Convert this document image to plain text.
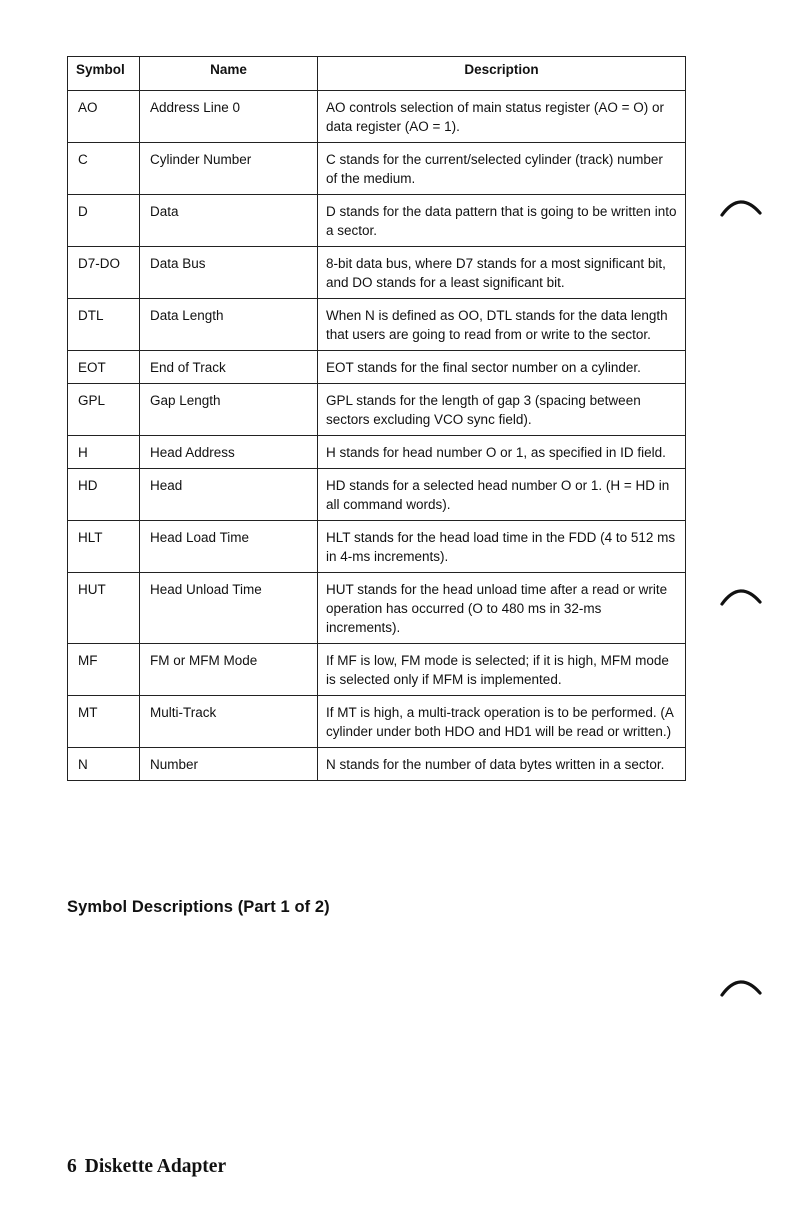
Symbol	Name	Description
AO	Address Line 0	AO controls selection of main status register (AO = O) or data register (AO = 1).
C	Cylinder Number	C stands for the current/selected cylinder (track) number of the medium.
D	Data	D stands for the data pattern that is going to be written into a sector.
D7-DO	Data Bus	8-bit data bus, where D7 stands for a most significant bit, and DO stands for a least significant bit.
DTL	Data Length	When N is defined as OO, DTL stands for the data length that users are going to read from or write to the sector.
EOT	End of Track	EOT stands for the final sector number on a cylinder.
GPL	Gap Length	GPL stands for the length of gap 3 (spacing between sectors excluding VCO sync field).
H	Head Address	H stands for head number O or 1, as specified in ID field.
HD	Head	HD stands for a selected head number O or 1. (H = HD in all command words).
HLT	Head Load Time	HLT stands for the head load time in the FDD (4 to 512 ms in 4-ms increments).
HUT	Head Unload Time	HUT stands for the head unload time after a read or write operation has occurred (O to 480 ms in 32-ms increments).
MF	FM or MFM Mode	If MF is low, FM mode is selected; if it is high, MFM mode is selected only if MFM is implemented.
MT	Multi-Track	If MT is high, a multi-track operation is to be performed. (A cylinder under both HDO and HD1 will be read or written.)
N	Number	N stands for the number of data bytes written in a sector.

Symbol Descriptions (Part 1 of 2)

6 Diskette Adapter
